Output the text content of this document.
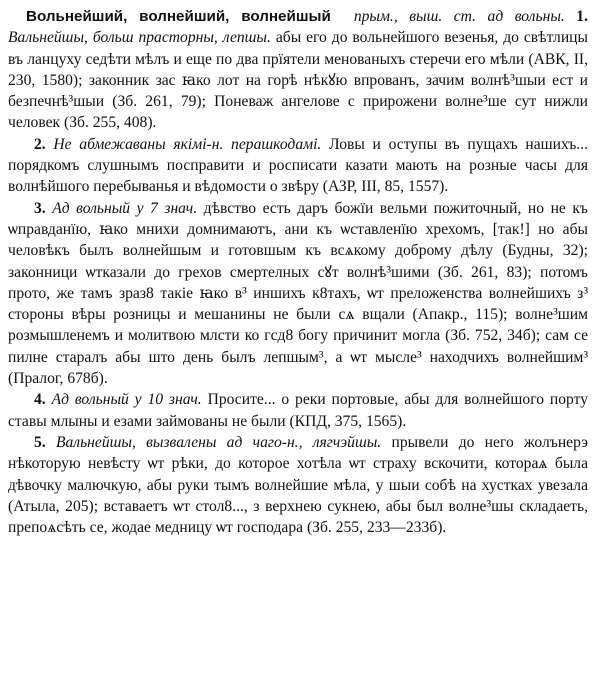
Вольнейший, волнейший, волнейшый прым., выш. ст. ад вольны. 1. Вальнейшы, больш прасторны, лепшы. абы его до вольнейшого везенья, до свѣтлицы въ ланцуху седѣти мѣлъ и еще по два прїятели менованыхъ стеречи его мѣли (АВК, II, 230, 1580); законник зас ꙗко лот на горѣ нѣкꙋю впрованъ, зачим волнѣ³шыи ест и безпечнѣ³шыи (Зб. 261, 79); Поневаж ангелове с прирожени волне³ше сут нижли человек (Зб. 255, 408).

2. Не абмежаваны якімі-н. перашкодамі. Ловы и оступы въ пущахъ нашихъ... порядкомъ слушнымъ посправити и росписати казати мають на розные часы для волнѣйшого перебыванья и вѣдомости о звѣру (АЗР, III, 85, 1557).

3. Ад вольный у 7 знач. дѣвство есть даръ божїи вельми пожиточный, но не къ ѡправданїю, ꙗко мнихи домнимаютъ, ани къ ѡставленїю хрехомъ, [так!] но абы человѣкъ былъ волнейшым и готовшым къ всѧкому доброму дѣлу (Будны, 32); законници ѡтказали до грехов смертелных сꙋт волнѣ³шими (Зб. 261, 83); потомъ прото, же тамъ зраз8 такіе ꙗко в³ иншихъ к8тахъ, ѡт преложенства волнейшихъ з³ стороны вѣры розницы и мешанины не были сѧ вщали (Апакр., 115); волне³шим розмышленемъ и молитвою млсти ко гсд8 богу причинит могла (Зб. 752, 34б); сам се пилне старалъ абы што день былъ лепшым³, а ѡт мысле³ находчихъ волнейшим³ (Пралог, 678б).

4. Ад вольный у 10 знач. Просите... о реки портовые, абы для волнейшого порту ставы млыны и езами займованы не были (КПД, 375, 1565).

5. Вальнейшы, вызвалены ад чаго-н., лягчэйшы. прывели до него жолънерэ нѣкоторую невѣсту ѡт рѣки, до которое хотѣла ѡт страху вскочити, котораѧ была дѣвочку малючкую, абы руки тымъ волнейшие мѣла, у шыи собѣ на хустках увезала (Атыла, 205); вставаетъ ѡт стол8..., з верхнею сукнею, абы был волне³шы складаеть, препоѧсѣть се, жодае медницу ѡт господара (Зб. 255, 233—233б).
